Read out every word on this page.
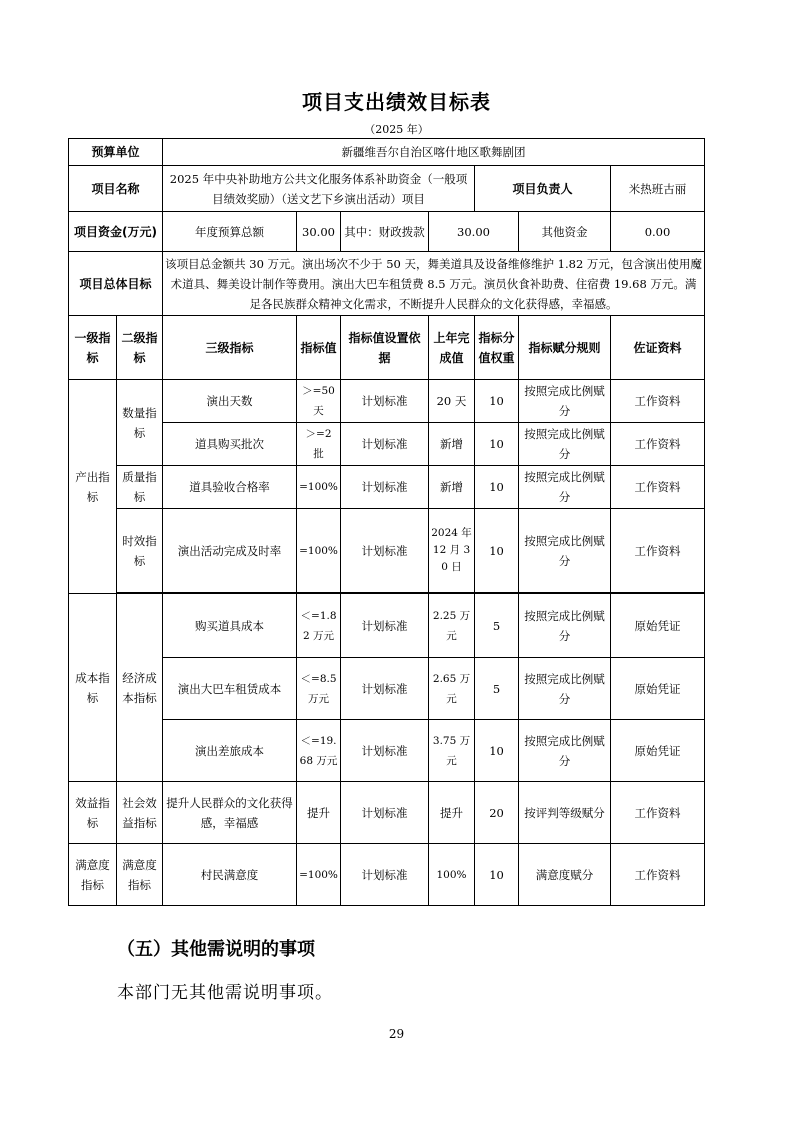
项目支出绩效目标表
（2025 年）
预算单位		新疆维吾尔自治区喀什地区歌舞剧团						
项目名称		2025 年中央补助地方公共文化服务体系补助资金（一般项目绩效奖励）（送文艺下乡演出活动）项目				项目负责人		米热班古丽
项目资金(万元)		年度预算总额	30.00	其中：财政拨款	30.00		其他资金	0.00
项目总体目标		该项目总金额共 30 万元。演出场次不少于 50 天，舞美道具及设备维修维护 1.82 万元，包含演出使用魔术道具、舞美设计制作等费用。演出大巴车租赁费 8.5 万元。演员伙食补助费、住宿费 19.68 万元。满足各民族群众精神文化需求，不断提升人民群众的文化获得感，幸福感。						
一级指标	二级指标	三级指标	指标值	指标值设置依据	上年完成值	指标分值权重	指标赋分规则	佐证资料
产出指标	数量指标	演出天数	＞=50 天	计划标准	20 天	10	按照完成比例赋分	工作资料
		道具购买批次	＞=2 批	计划标准	新增	10	按照完成比例赋分	工作资料
	质量指标	道具验收合格率	=100%	计划标准	新增	10	按照完成比例赋分	工作资料
	时效指标	演出活动完成及时率	=100%	计划标准	2024 年 12 月 30 日	10	按照完成比例赋分	工作资料

成本指标	经济成本指标	购买道具成本	＜=1.82 万元	计划标准	2.25 万元	5	按照完成比例赋分	原始凭证
		演出大巴车租赁成本	＜=8.5 万元	计划标准	2.65 万元	5	按照完成比例赋分	原始凭证
		演出差旅成本	＜=19.68 万元	计划标准	3.75 万元	10	按照完成比例赋分	原始凭证
效益指标	社会效益指标	提升人民群众的文化获得感，幸福感	提升	计划标准	提升	20	按评判等级赋分	工作资料
满意度指标	满意度指标	村民满意度	=100%	计划标准	100%	10	满意度赋分	工作资料
（五）其他需说明的事项
本部门无其他需说明事项。
29
